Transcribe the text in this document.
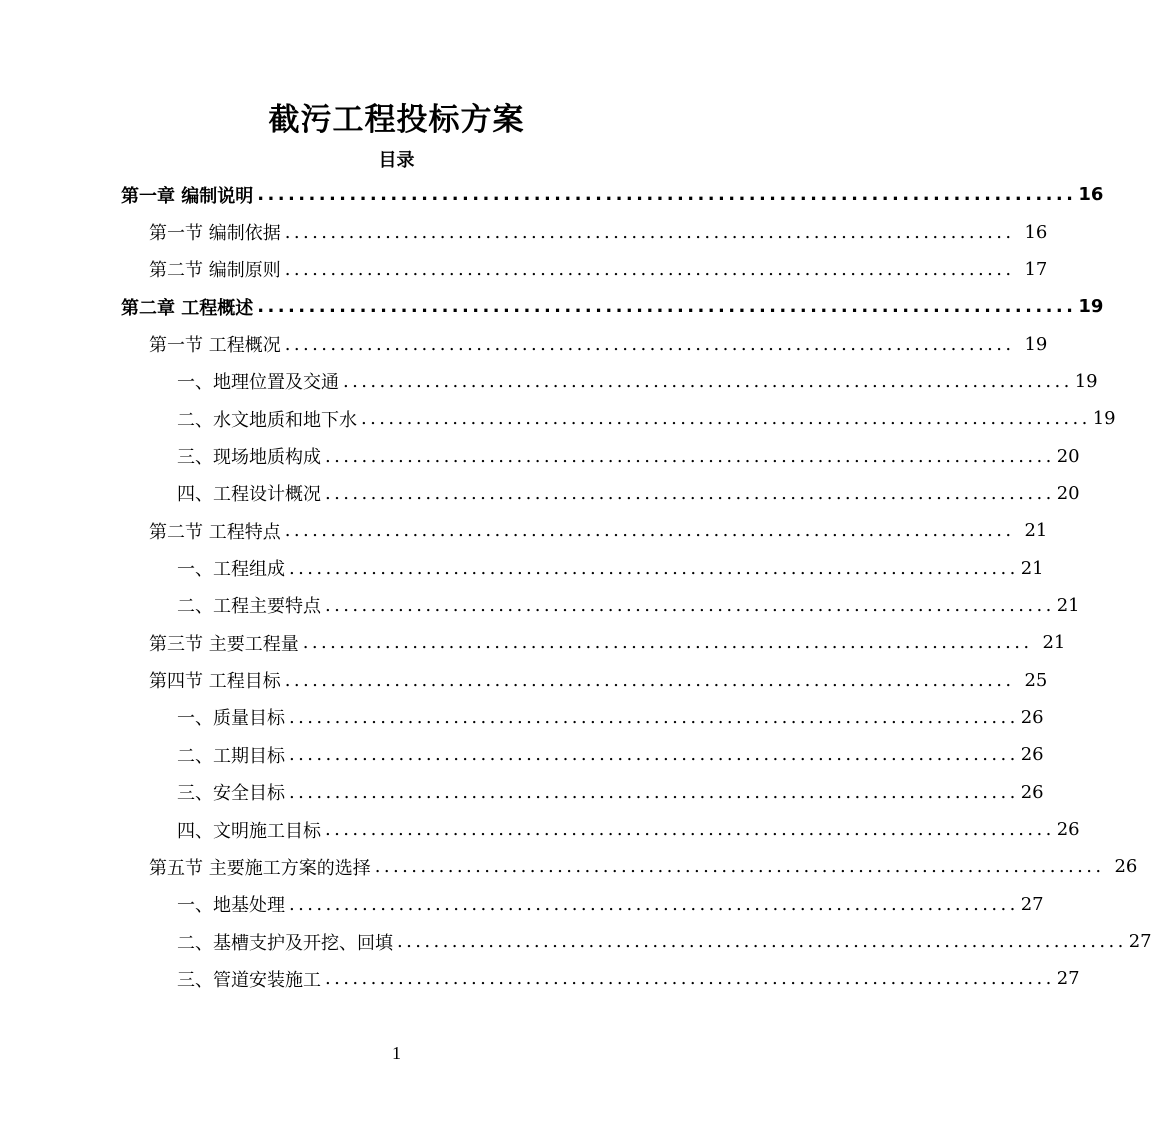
截污工程投标方案
目录
第一章 编制说明 ................................................................................ 16
第一节 编制依据 ................................................................................ 16
第二节 编制原则 ................................................................................ 17
第二章 工程概述 ................................................................................ 19
第一节 工程概况 ................................................................................ 19
一、地理位置及交通 ................................................................................ 19
二、水文地质和地下水 ................................................................................ 19
三、现场地质构成 ................................................................................ 20
四、工程设计概况 ................................................................................ 20
第二节 工程特点 ................................................................................ 21
一、工程组成 ................................................................................ 21
二、工程主要特点 ................................................................................ 21
第三节 主要工程量 ................................................................................ 21
第四节 工程目标 ................................................................................ 25
一、质量目标 ................................................................................ 26
二、工期目标 ................................................................................ 26
三、安全目标 ................................................................................ 26
四、文明施工目标 ................................................................................ 26
第五节 主要施工方案的选择 ................................................................................ 26
一、地基处理 ................................................................................ 27
二、基槽支护及开挖、回填 ................................................................................ 27
三、管道安装施工 ................................................................................ 27
1
